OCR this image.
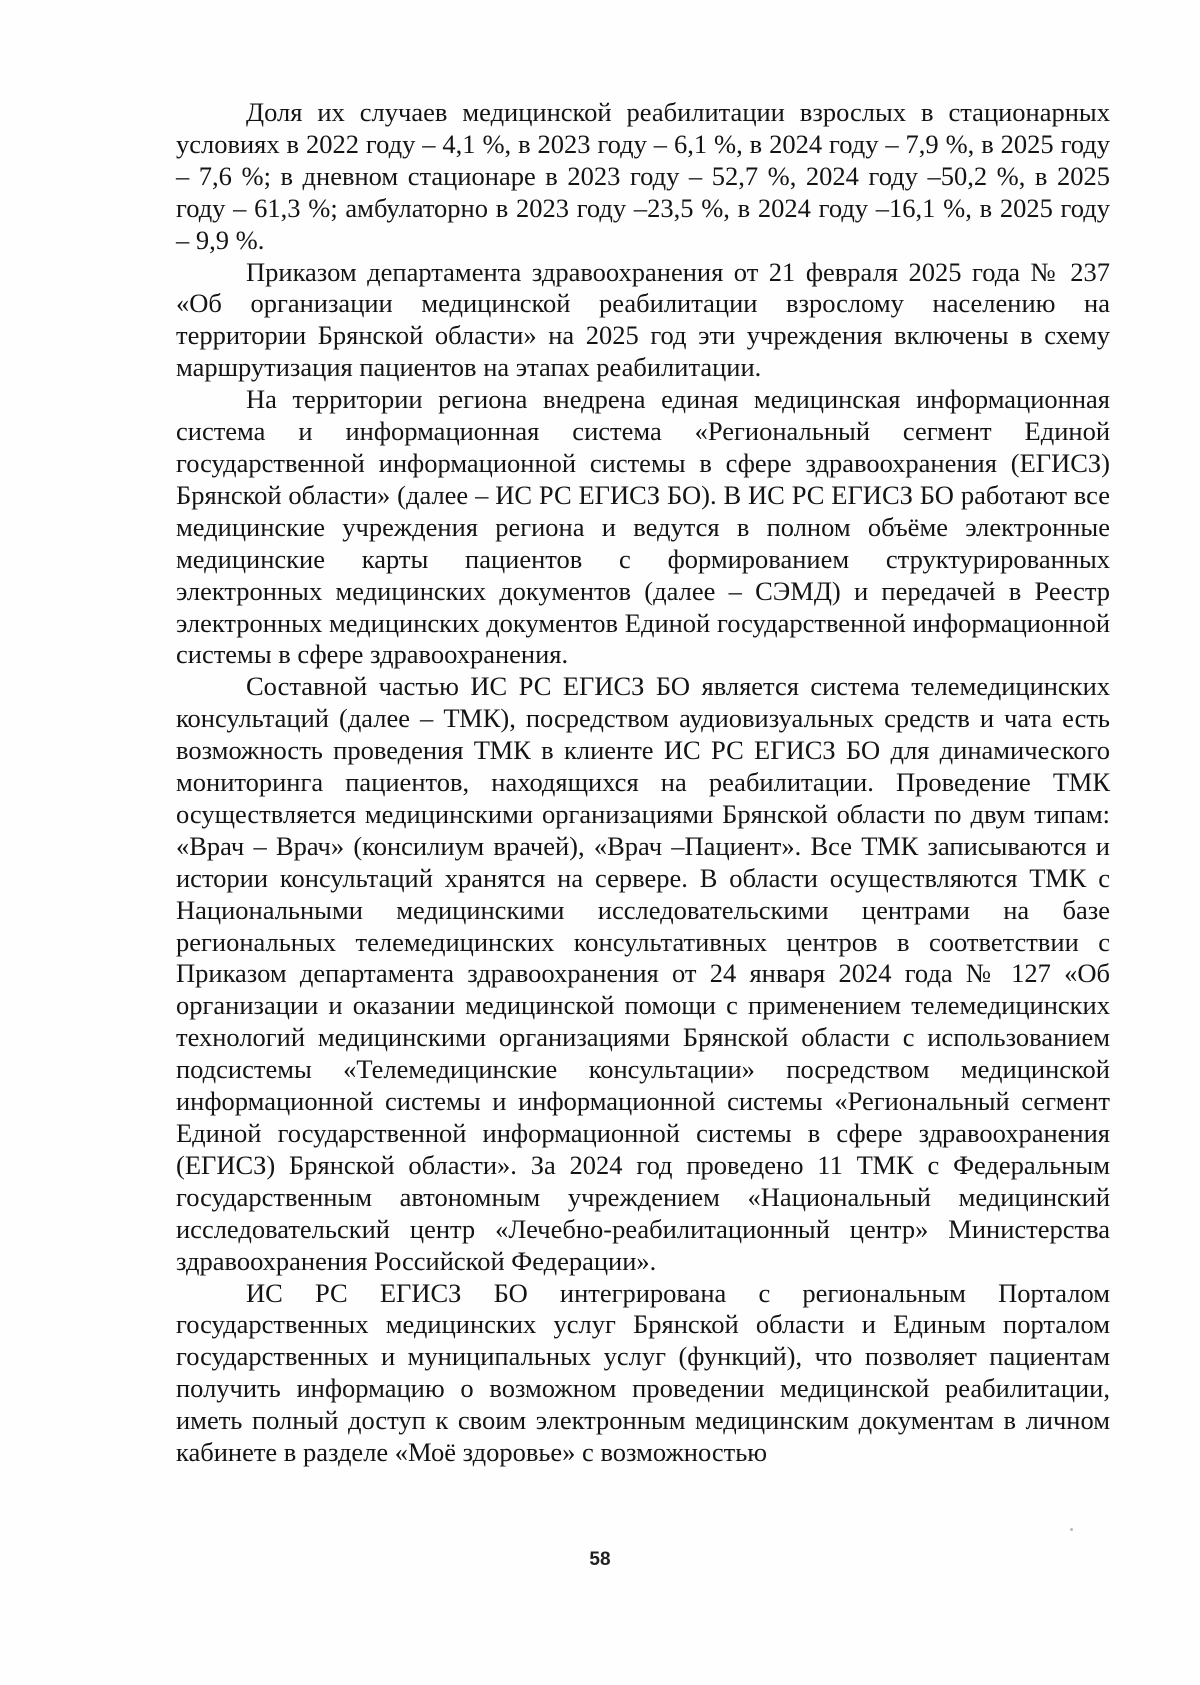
Доля их случаев медицинской реабилитации взрослых в стационарных условиях в 2022 году – 4,1 %, в 2023 году – 6,1 %, в 2024 году – 7,9 %, в 2025 году – 7,6 %; в дневном стационаре в 2023 году – 52,7 %, 2024 году –50,2 %, в 2025 году – 61,3 %; амбулаторно в 2023 году –23,5 %, в 2024 году –16,1 %, в 2025 году – 9,9 %.

Приказом департамента здравоохранения от 21 февраля 2025 года № 237 «Об организации медицинской реабилитации взрослому населению на территории Брянской области» на 2025 год эти учреждения включены в схему маршрутизация пациентов на этапах реабилитации.

На территории региона внедрена единая медицинская информационная система и информационная система «Региональный сегмент Единой государственной информационной системы в сфере здравоохранения (ЕГИСЗ) Брянской области» (далее – ИС РС ЕГИСЗ БО). В ИС РС ЕГИСЗ БО работают все медицинские учреждения региона и ведутся в полном объёме электронные медицинские карты пациентов с формированием структурированных электронных медицинских документов (далее – СЭМД) и передачей в Реестр электронных медицинских документов Единой государственной информационной системы в сфере здравоохранения.

Составной частью ИС РС ЕГИСЗ БО является система телемедицинских консультаций (далее – ТМК), посредством аудиовизуальных средств и чата есть возможность проведения ТМК в клиенте ИС РС ЕГИСЗ БО для динамического мониторинга пациентов, находящихся на реабилитации. Проведение ТМК осуществляется медицинскими организациями Брянской области по двум типам: «Врач – Врач» (консилиум врачей), «Врач –Пациент». Все ТМК записываются и истории консультаций хранятся на сервере. В области осуществляются ТМК с Национальными медицинскими исследовательскими центрами на базе региональных телемедицинских консультативных центров в соответствии с Приказом департамента здравоохранения от 24 января 2024 года № 127 «Об организации и оказании медицинской помощи с применением телемедицинских технологий медицинскими организациями Брянской области с использованием подсистемы «Телемедицинские консультации» посредством медицинской информационной системы и информационной системы «Региональный сегмент Единой государственной информационной системы в сфере здравоохранения (ЕГИСЗ) Брянской области». За 2024 год проведено 11 ТМК с Федеральным государственным автономным учреждением «Национальный медицинский исследовательский центр «Лечебно-реабилитационный центр» Министерства здравоохранения Российской Федерации».

ИС РС ЕГИСЗ БО интегрирована с региональным Порталом государственных медицинских услуг Брянской области и Единым порталом государственных и муниципальных услуг (функций), что позволяет пациентам получить информацию о возможном проведении медицинской реабилитации, иметь полный доступ к своим электронным медицинским документам в личном кабинете в разделе «Моё здоровье» с возможностью

58
